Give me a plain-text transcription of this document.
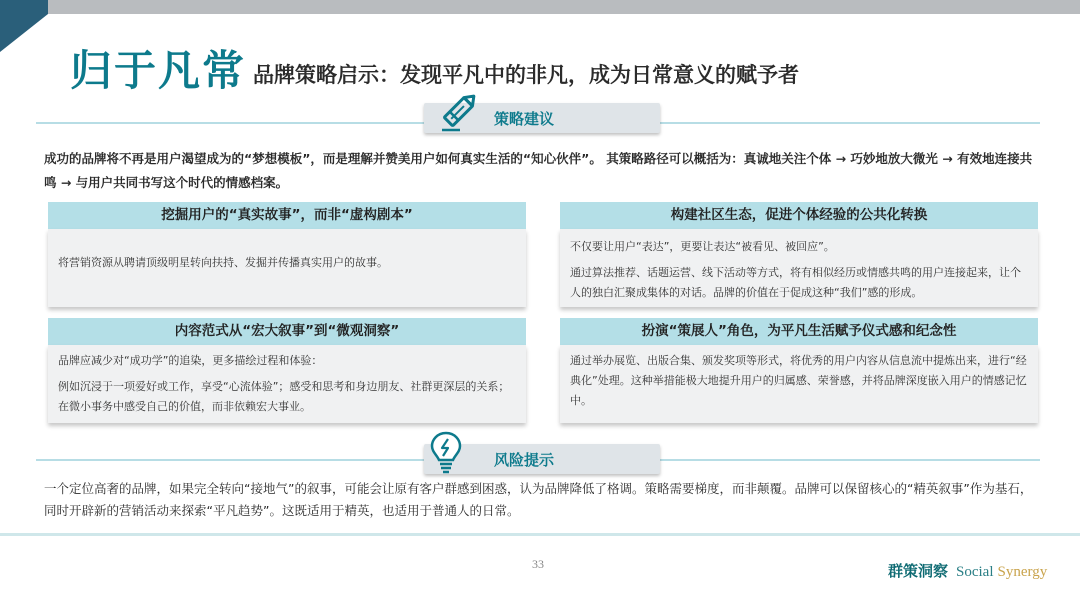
归于凡常 品牌策略启示：发现平凡中的非凡，成为日常意义的赋予者
策略建议
成功的品牌将不再是用户渴望成为的“梦想模板”，而是理解并赞美用户如何真实生活的“知心伙伴”。 其策略路径可以概括为：真诚地关注个体 → 巧妙地放大微光 → 有效地连接共鸣 → 与用户共同书写这个时代的情感档案。
挖掘用户的“真实故事”，而非“虚构剧本”

将营销资源从聘请顶级明星转向扶持、发掘并传播真实用户的故事。

构建社区生态，促进个体经验的公共化转换

不仅要让用户“表达”，更要让表达“被看见、被回应”。

通过算法推荐、话题运营、线下活动等方式，将有相似经历或情感共鸣的用户连接起来，让个人的独白汇聚成集体的对话。品牌的价值在于促成这种“我们”感的形成。

内容范式从“宏大叙事”到“微观洞察”

品牌应减少对“成功学”的追染，更多描绘过程和体验：

例如沉浸于一项爱好或工作，享受“心流体验”；感受和思考和身边朋友、社群更深层的关系；在微小事务中感受自己的价值，而非依赖宏大事业。

扮演“策展人”角色，为平凡生活赋予仪式感和纪念性

通过举办展览、出版合集、颁发奖项等形式，将优秀的用户内容从信息流中提炼出来，进行“经典化”处理。这种举措能极大地提升用户的归属感、荣誉感，并将品牌深度嵌入用户的情感记忆中。

风险提示
一个定位高奢的品牌，如果完全转向“接地气”的叙事，可能会让原有客户群感到困惑，认为品牌降低了格调。策略需要梯度，而非颠覆。品牌可以保留核心的“精英叙事”作为基石，同时开辟新的营销活动来探索“平凡趋势”。这既适用于精英，也适用于普通人的日常。
33	群策洞察 Social Synergy
